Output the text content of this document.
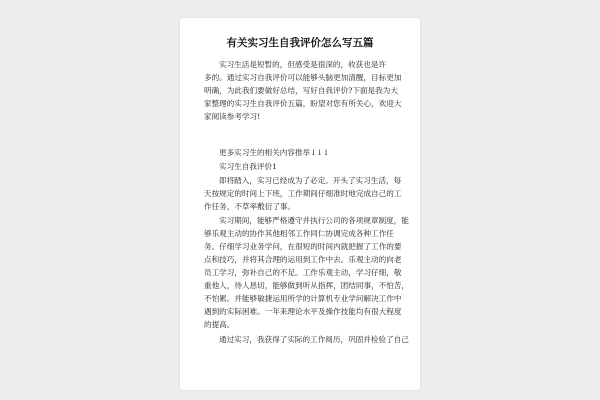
有关实习生自我评价怎么写五篇
实习生活是短暂的，但感受是很深的，收获也是许
多的。通过实习自我评价可以能够头脑更加清醒，目标更加
明确，为此我们要做好总结，写好自我评价?下面是我为大
家整理的实习生自我评价五篇，盼望对您有所关心，欢迎大
家阅读参考学习!
更多实习生的相关内容推举↓↓↓
实习生自我评价1
即将踏入，实习已经成为了必定。开头了实习生活，每
天按规定的时间上下班，工作期间仔细准时地完成自己的工
作任务，不草率敷衍了事。
实习期间，能够严格遵守并执行公司的各项规章制度，能
够乐观主动的协作其他相邻工作同仁协调完成各种工作任
务。仔细学习业务学问，在很短的时间内就把握了工作的要
点和技巧，并将其合理的运用到工作中去。乐观主动的向老
员工学习，弥补自己的不足。工作乐观主动，学习仔细，敬
重他人，待人恳切，能够做到听从指挥，团结同事，不怕苦，
不怕累。并能够敏捷运用所学的计算机专业学问解决工作中
遇到的实际困难。一年来理论水平及操作技能均有很大程度
的提高。
通过实习，我获得了实际的工作阅历，巩固并检验了自己
